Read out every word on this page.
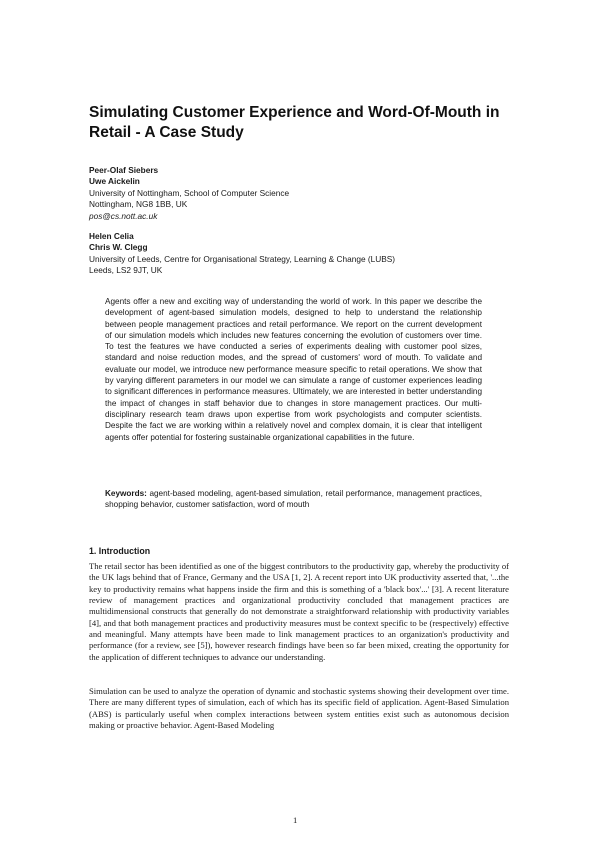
Simulating Customer Experience and Word-Of-Mouth in Retail - A Case Study
Peer-Olaf Siebers
Uwe Aickelin
University of Nottingham, School of Computer Science
Nottingham, NG8 1BB, UK
pos@cs.nott.ac.uk
Helen Celia
Chris W. Clegg
University of Leeds, Centre for Organisational Strategy, Learning & Change (LUBS)
Leeds, LS2 9JT, UK

Agents offer a new and exciting way of understanding the world of work. In this paper we describe the development of agent-based simulation models, designed to help to understand the relationship between people management practices and retail performance. We report on the current development of our simulation models which includes new features concerning the evolution of customers over time. To test the features we have conducted a series of experiments dealing with customer pool sizes, standard and noise reduction modes, and the spread of customers' word of mouth. To validate and evaluate our model, we introduce new performance measure specific to retail operations. We show that by varying different parameters in our model we can simulate a range of customer experiences leading to significant differences in performance measures. Ultimately, we are interested in better understanding the impact of changes in staff behavior due to changes in store management practices. Our multi-disciplinary research team draws upon expertise from work psychologists and computer scientists. Despite the fact we are working within a relatively novel and complex domain, it is clear that intelligent agents offer potential for fostering sustainable organizational capabilities in the future.

Keywords: agent-based modeling, agent-based simulation, retail performance, management practices, shopping behavior, customer satisfaction, word of mouth

1. Introduction

The retail sector has been identified as one of the biggest contributors to the productivity gap, whereby the productivity of the UK lags behind that of France, Germany and the USA [1, 2]. A recent report into UK productivity asserted that, '...the key to productivity remains what happens inside the firm and this is something of a 'black box'...' [3]. A recent literature review of management practices and organizational productivity concluded that management practices are multidimensional constructs that generally do not demonstrate a straightforward relationship with productivity variables [4], and that both management practices and productivity measures must be context specific to be (respectively) effective and meaningful. Many attempts have been made to link management practices to an organization's productivity and performance (for a review, see [5]), however research findings have been so far been mixed, creating the opportunity for the application of different techniques to advance our understanding.

Simulation can be used to analyze the operation of dynamic and stochastic systems showing their development over time. There are many different types of simulation, each of which has its specific field of application. Agent-Based Simulation (ABS) is particularly useful when complex interactions between system entities exist such as autonomous decision making or proactive behavior. Agent-Based Modeling

1
